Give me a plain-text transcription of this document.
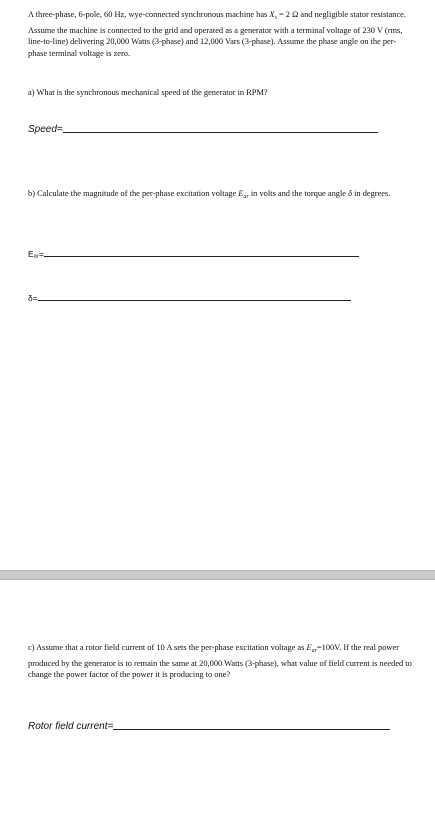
A three-phase, 6-pole, 60 Hz, wye-connected synchronous machine has $X_s = 2$ Ω and negligible stator resistance. Assume the machine is connected to the grid and operated as a generator with a terminal voltage of 230 V (rms, line-to-line) delivering 20,000 Watts (3-phase) and 12,000 Vars (3-phase). Assume the phase angle on the per-phase terminal voltage is zero.

a) What is the synchronous mechanical speed of the generator in RPM?

Speed=

b) Calculate the magnitude of the per-phase excitation voltage $E_{ar}$ in volts and the torque angle δ in degrees.

Eₐᵣ=
δ=

c) Assume that a rotor field current of 10 A sets the per-phase excitation voltage as $E_{ar}=100V$. If the real power produced by the generator is to remain the same at 20,000 Watts (3-phase), what value of field current is needed to change the power factor of the power it is producing to one?

Rotor field current=
